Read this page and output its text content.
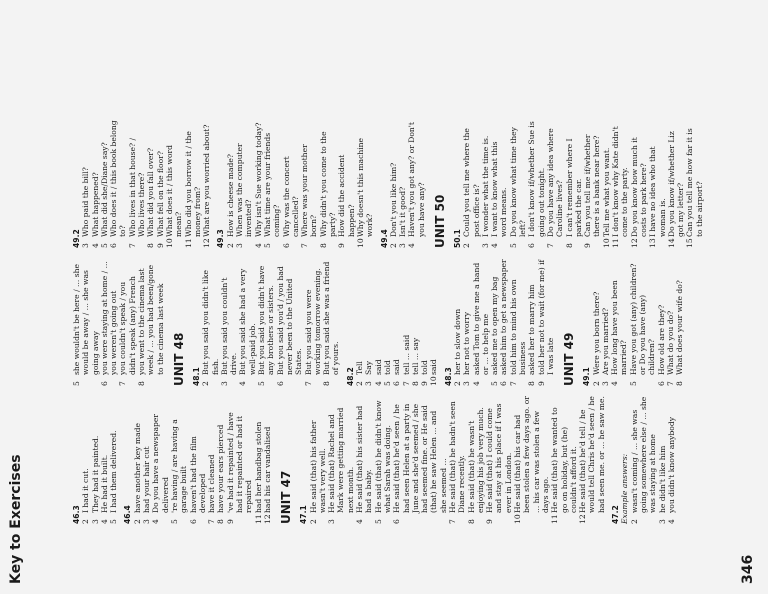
Key to Exercises	46.3 2
I had it cut.
3
They had it painted.
4
He had it built.
5
I had them delivered.
46.4 2
have another key made
3
had your hair cut
4
Do you have a newspaper delivered
5
're having / are having a garage built
6
haven't had the film developed
7
have it cleaned
8
have your ears pierced
9
've had it repainted / have had it repainted or had it repaired
11
had her handbag stolen
12
had his car vandalised UNIT 47 47.1 2
He said (that) his father wasn't very well.
3
He said (that) Rachel and Mark were getting married next month.
4
He said (that) his sister had had a baby.
5
He said (that) he didn't know what Sarah was doing.
6
He said (that) he'd seen / he had seen Helen at a party in June and she'd seemed / she had seemed fine. or He said (that) he saw Helen ... and she seemed ...
7
He said (that) he hadn't seen Diane recently.
8
He said (that) he wasn't enjoying his job very much.
9
He said (that) I could come and stay at his place if I was ever in London.
10
He said (that) his car had been stolen a few days ago. or ... his car was stolen a few days ago.
11
He said (that) he wanted to go on holiday, but (he) couldn't afford it.
12
He said (that) he'd tell / he would tell Chris he'd seen / he had seen me. or ... he saw me.
47.2 Example answers: 2
wasn't coming / ... she was going somewhere else / ... she was staying at home
3
he didn't like him
4
you didn't know anybody
5
she wouldn't be here / ... she would be away / ... she was going away
6
you were staying at home / ... you weren't going out
7
you couldn't speak / you didn't speak (any) French
8
you went to the cinema last week / ... you had been/gone to the cinema last week UNIT 48 48.1 2
But you said you didn't like fish.
3
But you said you couldn't drive.
4
But you said she had a very well-paid job.
5
But you said you didn't have any brothers or sisters.
6
But you said you'd / you had never been to the United States.
7
But you said you were working tomorrow evening.
8
But you said she was a friend of yours.
48.2 2
Tell
3
Say
4
said
5
told
6
said
7
tell ... said
8
tell ... say
9
told
10
said
48.3 2
her to slow down
3
her not to worry
4
asked Tom to give me a hand or ... to help me
5
asked me to open my bag
6
asked him to get a newspaper
7
told him to mind his own business
8
asked her to marry him
9
told her not to wait (for me) if I was late UNIT 49 49.1 2
Were you born there?
3
Are you married?
4
How long have you been married?
5
Have you got (any) children? or Do you have (any) children?
6
How old are they?
7
What do you do?
8
What does your wife do?
49.2 3
Who paid the bill?
4
What happened?
5
What did she/Diane say?
6
Who does it / this book belong to?
7
Who lives in that house? / Who lives there?
8
What did you fall over?
9
What fell on the floor?
10
What does it / this word mean?
11
Who did you borrow it / the money from?
12
What are you worried about?
49.3 2
How is cheese made?
3
When was the computer invented?
4
Why isn't Sue working today?
5
What time are your friends coming?
6
Why was the concert cancelled?
7
Where was your mother born?
8
Why didn't you come to the party?
9
How did the accident happen?
10
Why doesn't this machine work?
49.4 2
Don't you like him?
3
Isn't it good?
4
Haven't you got any? or Don't you have any? UNIT 50 50.1 2
Could you tell me where the post office is?
3
I wonder what the time is.
4
I want to know what this word means.
5
Do you know what time they left?
6
I don't know if/whether Sue is going out tonight.
7
Do you have any idea where Caroline lives?
8
I can't remember where I parked the car.
9
Can you tell me if/whether there is a bank near here?
10
Tell me what you want.
11
I don't know why Kate didn't come to the party.
12
Do you know how much it costs to park here?
13
I have no idea who that woman is.
14
Do you know if/whether Liz got my letter?
15
Can you tell me how far it is to the airport?
346
